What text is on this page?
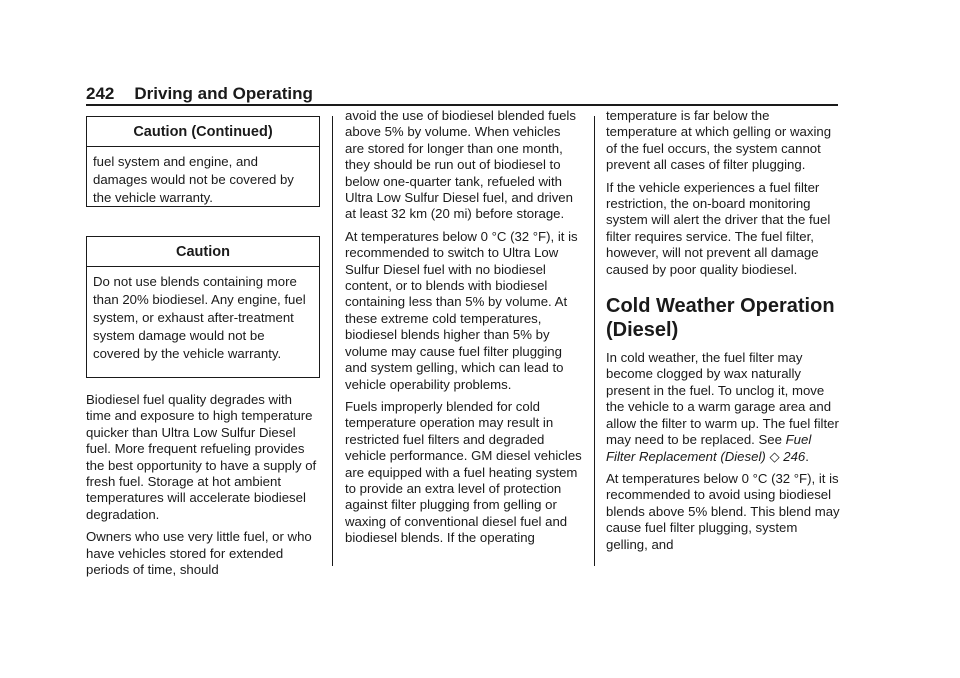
242 Driving and Operating
Caution (Continued)
fuel system and engine, and damages would not be covered by the vehicle warranty.
Caution
Do not use blends containing more than 20% biodiesel. Any engine, fuel system, or exhaust after-treatment system damage would not be covered by the vehicle warranty.

Biodiesel fuel quality degrades with time and exposure to high temperature quicker than Ultra Low Sulfur Diesel fuel. More frequent refueling provides the best opportunity to have a supply of fresh fuel. Storage at hot ambient temperatures will accelerate biodiesel degradation.

Owners who use very little fuel, or who have vehicles stored for extended periods of time, should

avoid the use of biodiesel blended fuels above 5% by volume. When vehicles are stored for longer than one month, they should be run out of biodiesel to below one-quarter tank, refueled with Ultra Low Sulfur Diesel fuel, and driven at least 32 km (20 mi) before storage.

At temperatures below 0 °C (32 °F), it is recommended to switch to Ultra Low Sulfur Diesel fuel with no biodiesel content, or to blends with biodiesel containing less than 5% by volume. At these extreme cold temperatures, biodiesel blends higher than 5% by volume may cause fuel filter plugging and system gelling, which can lead to vehicle operability problems.

Fuels improperly blended for cold temperature operation may result in restricted fuel filters and degraded vehicle performance. GM diesel vehicles are equipped with a fuel heating system to provide an extra level of protection against filter plugging from gelling or waxing of conventional diesel fuel and biodiesel blends. If the operating

temperature is far below the temperature at which gelling or waxing of the fuel occurs, the system cannot prevent all cases of filter plugging.

If the vehicle experiences a fuel filter restriction, the on-board monitoring system will alert the driver that the fuel filter requires service. The fuel filter, however, will not prevent all damage caused by poor quality biodiesel.

Cold Weather Operation (Diesel)

In cold weather, the fuel filter may become clogged by wax naturally present in the fuel. To unclog it, move the vehicle to a warm garage area and allow the filter to warm up. The fuel filter may need to be replaced. See Fuel Filter Replacement (Diesel) ◇ 246.

At temperatures below 0 °C (32 °F), it is recommended to avoid using biodiesel blends above 5% blend. This blend may cause fuel filter plugging, system gelling, and
